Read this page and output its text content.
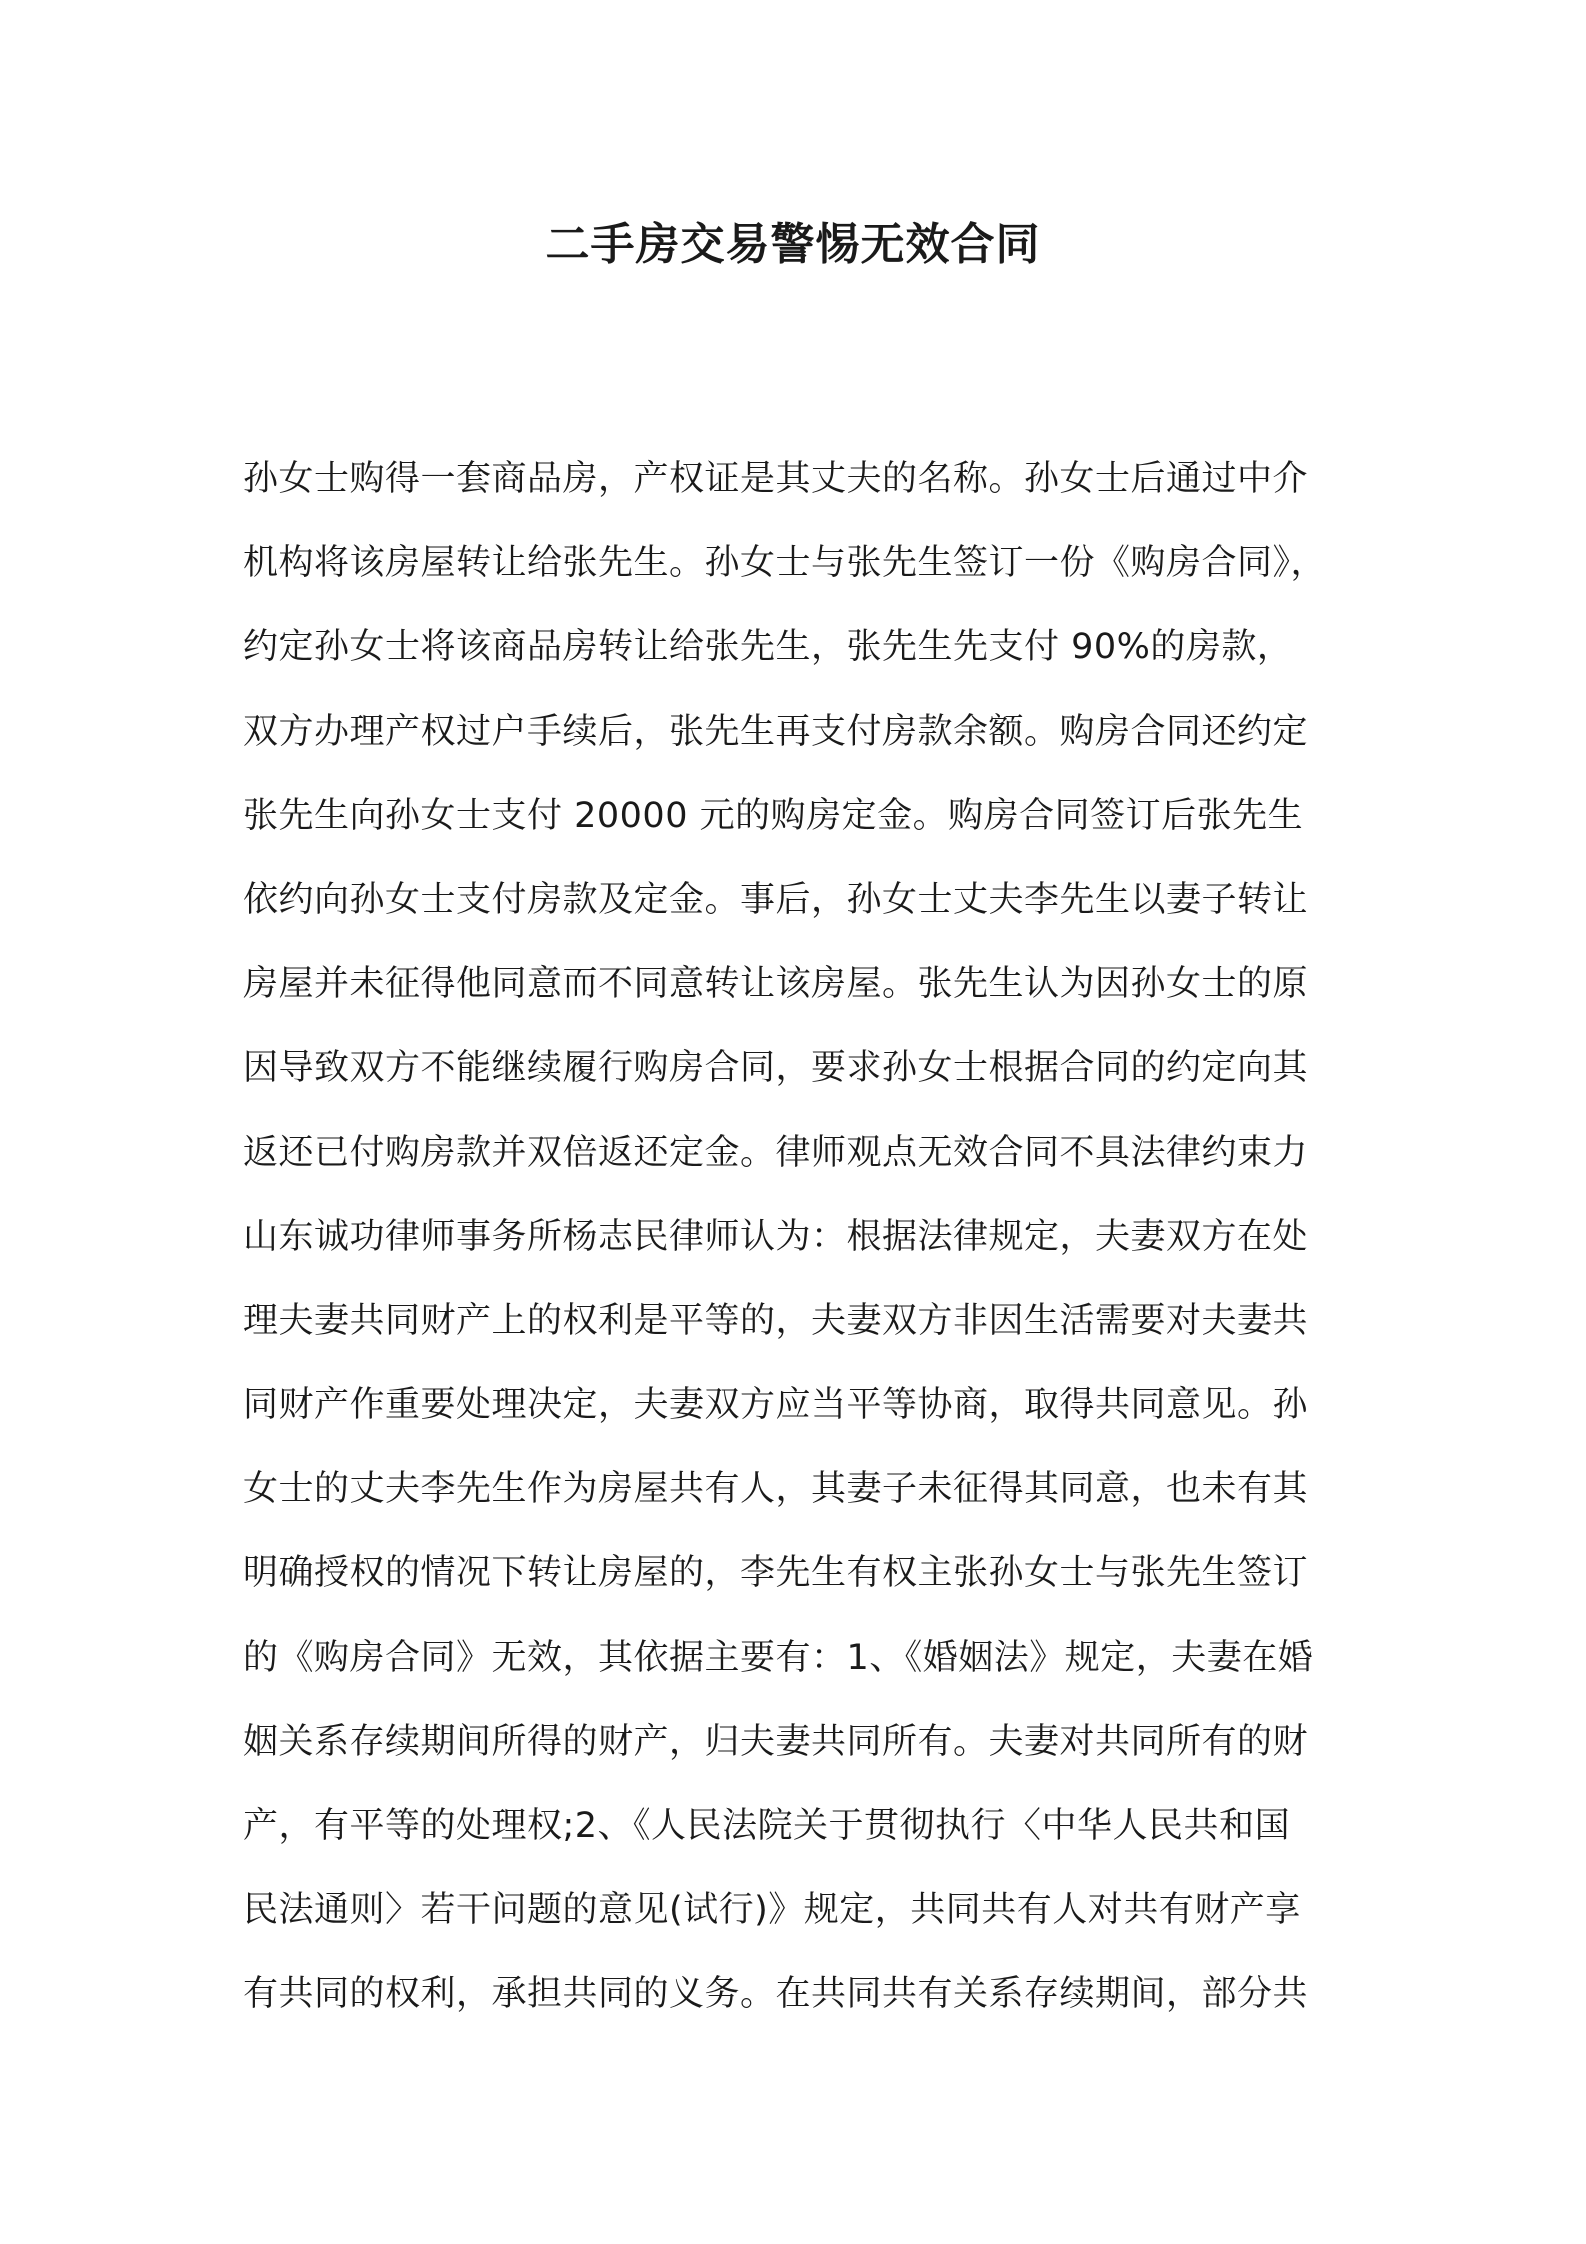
二手房交易警惕无效合同
孙女士购得一套商品房，产权证是其丈夫的名称。孙女士后通过中介
机构将该房屋转让给张先生。孙女士与张先生签订一份《购房合同》，
约定孙女士将该商品房转让给张先生，张先生先支付 90%的房款，
双方办理产权过户手续后，张先生再支付房款余额。购房合同还约定
张先生向孙女士支付 20000 元的购房定金。购房合同签订后张先生
依约向孙女士支付房款及定金。事后，孙女士丈夫李先生以妻子转让
房屋并未征得他同意而不同意转让该房屋。张先生认为因孙女士的原
因导致双方不能继续履行购房合同，要求孙女士根据合同的约定向其
返还已付购房款并双倍返还定金。律师观点无效合同不具法律约束力
山东诚功律师事务所杨志民律师认为：根据法律规定，夫妻双方在处
理夫妻共同财产上的权利是平等的，夫妻双方非因生活需要对夫妻共
同财产作重要处理决定，夫妻双方应当平等协商，取得共同意见。孙
女士的丈夫李先生作为房屋共有人，其妻子未征得其同意，也未有其
明确授权的情况下转让房屋的，李先生有权主张孙女士与张先生签订
的《购房合同》无效，其依据主要有：1、《婚姻法》规定，夫妻在婚
姻关系存续期间所得的财产，归夫妻共同所有。夫妻对共同所有的财
产，有平等的处理权;2、《人民法院关于贯彻执行〈中华人民共和国
民法通则〉若干问题的意见(试行)》规定，共同共有人对共有财产享
有共同的权利，承担共同的义务。在共同共有关系存续期间，部分共
